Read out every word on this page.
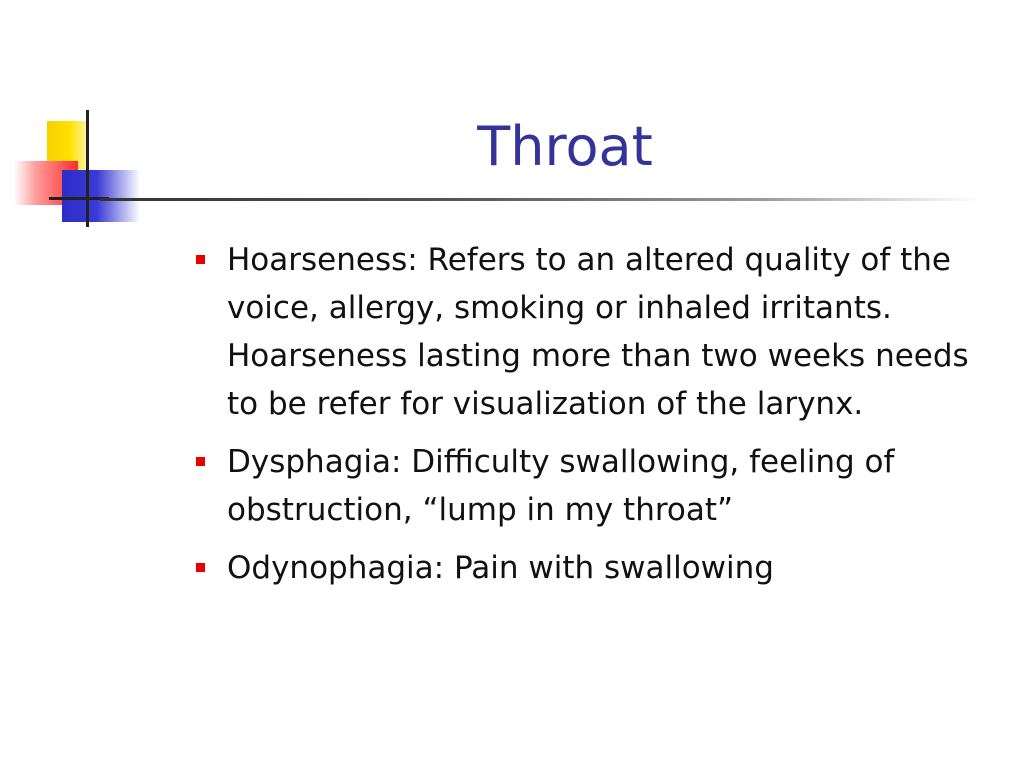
Throat
Hoarseness: Refers to an altered quality of the voice, allergy, smoking or inhaled irritants. Hoarseness lasting more than two weeks needs to be refer for visualization of the larynx.
Dysphagia: Difficulty swallowing, feeling of obstruction, “lump in my throat”
Odynophagia: Pain with swallowing
